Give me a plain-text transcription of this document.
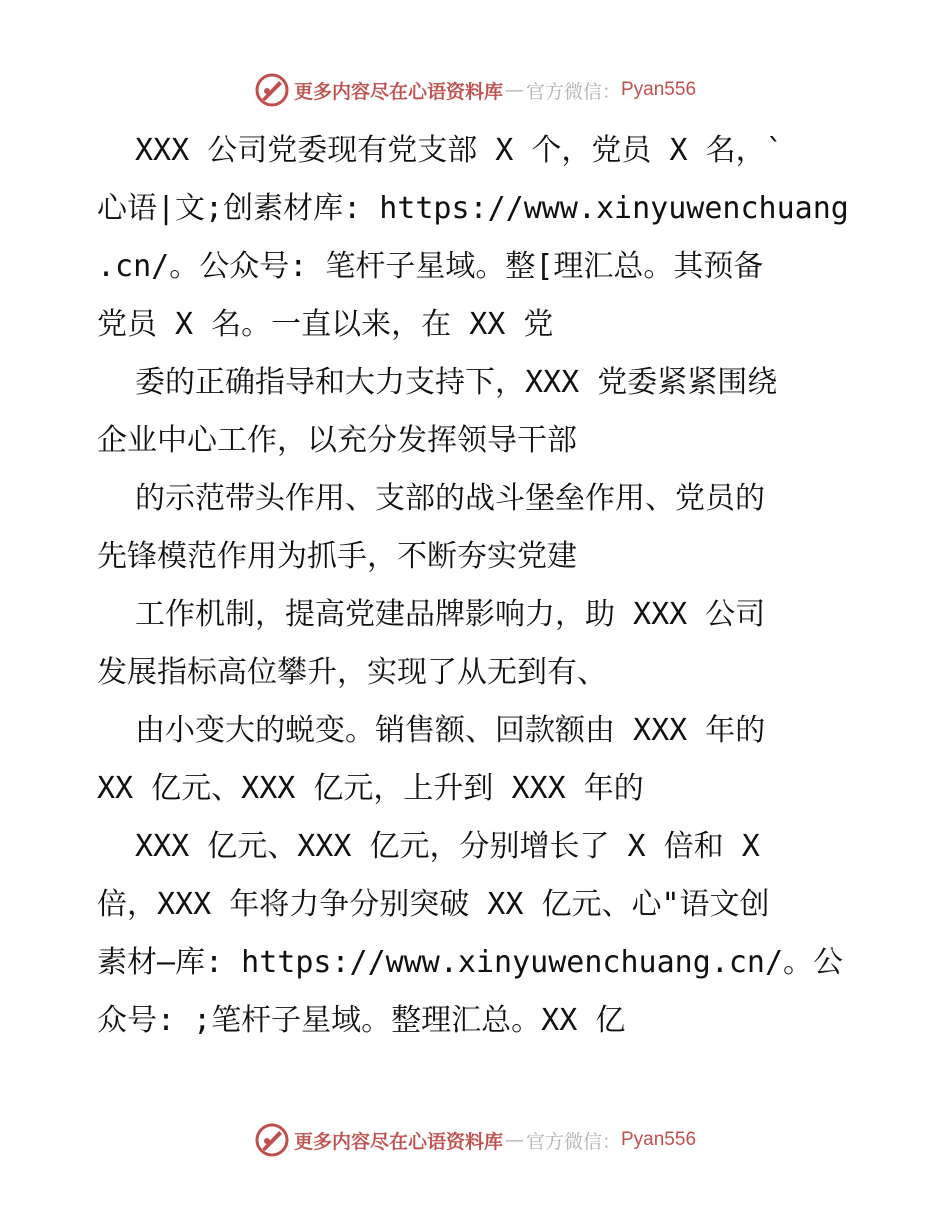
更多内容尽在心语资料库 — 官方微信： Pyan556
XXX 公司党委现有党支部 X 个，党员 X 名，`
心语|文;创素材库: https://www.xinyuwenchuang
.cn/。公众号: 笔杆子星域。整[理汇总。其预备
党员 X 名。一直以来，在 XX 党
委的正确指导和大力支持下，XXX 党委紧紧围绕
企业中心工作，以充分发挥领导干部
的示范带头作用、支部的战斗堡垒作用、党员的
先锋模范作用为抓手，不断夯实党建
工作机制，提高党建品牌影响力，助 XXX 公司
发展指标高位攀升，实现了从无到有、
由小变大的蜕变。销售额、回款额由 XXX 年的
XX 亿元、XXX 亿元，上升到 XXX 年的
XXX 亿元、XXX 亿元，分别增长了 X 倍和 X
倍，XXX 年将力争分别突破 XX 亿元、心"语文创
素材—库: https://www.xinyuwenchuang.cn/。公
众号: ;笔杆子星域。整理汇总。XX 亿
更多内容尽在心语资料库 — 官方微信： Pyan556
